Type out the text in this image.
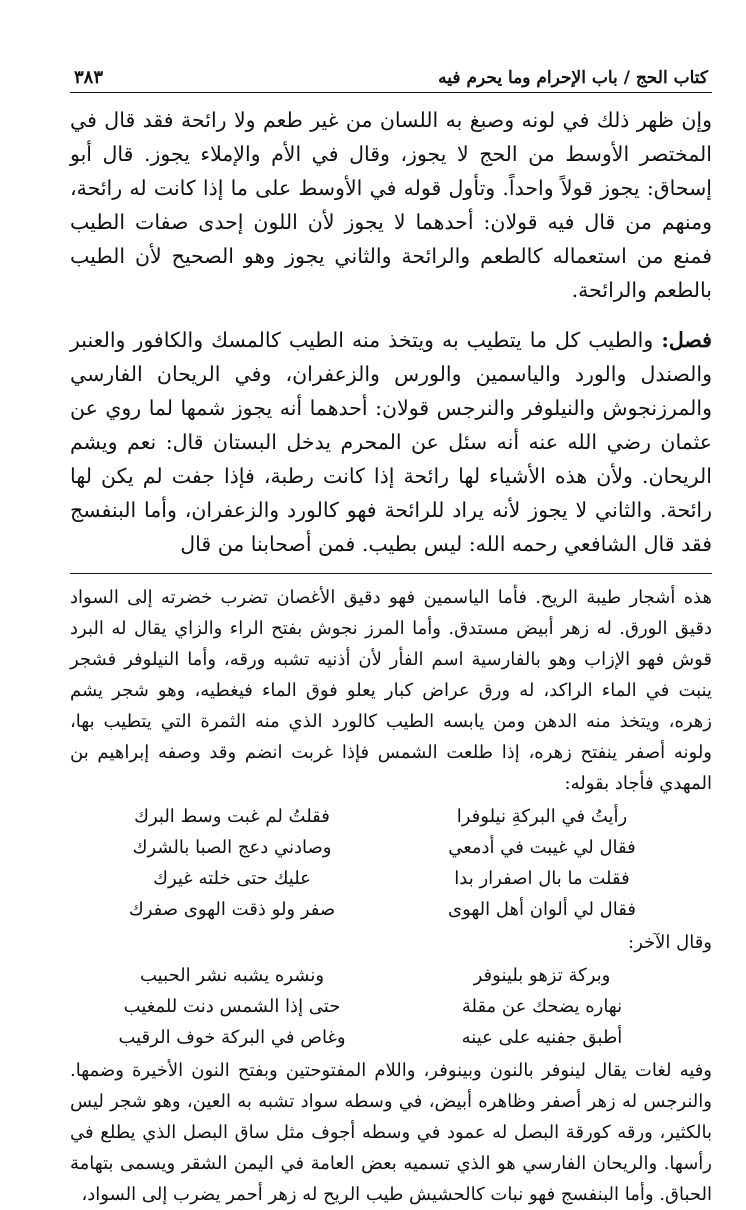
كتاب الحج / باب الإحرام وما يحرم فيه
٣٨٣

وإن ظهر ذلك في لونه وصبغ به اللسان من غير طعم ولا رائحة فقد قال في المختصر الأوسط من الحج لا يجوز، وقال في الأم والإملاء يجوز. قال أبو إسحاق: يجوز قولاً واحداً. وتأول قوله في الأوسط على ما إذا كانت له رائحة، ومنهم من قال فيه قولان: أحدهما لا يجوز لأن اللون إحدى صفات الطيب فمنع من استعماله كالطعم والرائحة والثاني يجوز وهو الصحيح لأن الطيب بالطعم والرائحة.

فصل: والطيب كل ما يتطيب به ويتخذ منه الطيب كالمسك والكافور والعنبر والصندل والورد والياسمين والورس والزعفران، وفي الريحان الفارسي والمرزنجوش والنيلوفر والنرجس قولان: أحدهما أنه يجوز شمها لما روي عن عثمان رضي الله عنه أنه سئل عن المحرم يدخل البستان قال: نعم ويشم الريحان. ولأن هذه الأشياء لها رائحة إذا كانت رطبة، فإذا جفت لم يكن لها رائحة. والثاني لا يجوز لأنه يراد للرائحة فهو كالورد والزعفران، وأما البنفسج فقد قال الشافعي رحمه الله: ليس بطيب. فمن أصحابنا من قال

هذه أشجار طيبة الريح. فأما الياسمين فهو دقيق الأغصان تضرب خضرته إلى السواد دقيق الورق. له زهر أبيض مستدق. وأما المرز نجوش بفتح الراء والزاي يقال له البرد قوش فهو الإزاب وهو بالفارسية اسم الفأر لأن أذنيه تشبه ورقه، وأما النيلوفر فشجر ينبت في الماء الراكد، له ورق عراض كبار يعلو فوق الماء فيغطيه، وهو شجر يشم زهره، ويتخذ منه الدهن ومن يابسه الطيب كالورد الذي منه الثمرة التي يتطيب بها، ولونه أصفر ينفتح زهره، إذا طلعت الشمس فإذا غربت انضم وقد وصفه إبراهيم بن المهدي فأجاد بقوله:

رأيتُ في البركةِ نيلوفرا
فقلتُ لم غبت وسط البرك
فقال لي غيبت في أدمعي
وصادني دعج الصبا بالشرك
فقلت ما بال اصفرار بدا
عليك حتى خلته غيرك
فقال لي ألوان أهل الهوى
صفر ولو ذقت الهوى صفرك

وقال الآخر:

وبركة تزهو بلينوفر
ونشره يشبه نشر الحبيب
نهاره يضحك عن مقلة
حتى إذا الشمس دنت للمغيب
أطبق جفنيه على عينه
وغاص في البركة خوف الرقيب

وفيه لغات يقال لينوفر بالنون وبينوفر، واللام المفتوحتين وبفتح النون الأخيرة وضمها. والنرجس له زهر أصفر وظاهره أبيض، في وسطه سواد تشبه به العين، وهو شجر ليس بالكثير، ورقه كورقة البصل له عمود في وسطه أجوف مثل ساق البصل الذي يطلع في رأسها. والريحان الفارسي هو الذي تسميه بعض العامة في اليمن الشقر ويسمى بتهامة الحباق. وأما البنفسج فهو نبات كالحشيش طيب الريح له زهر أحمر يضرب إلى السواد،
